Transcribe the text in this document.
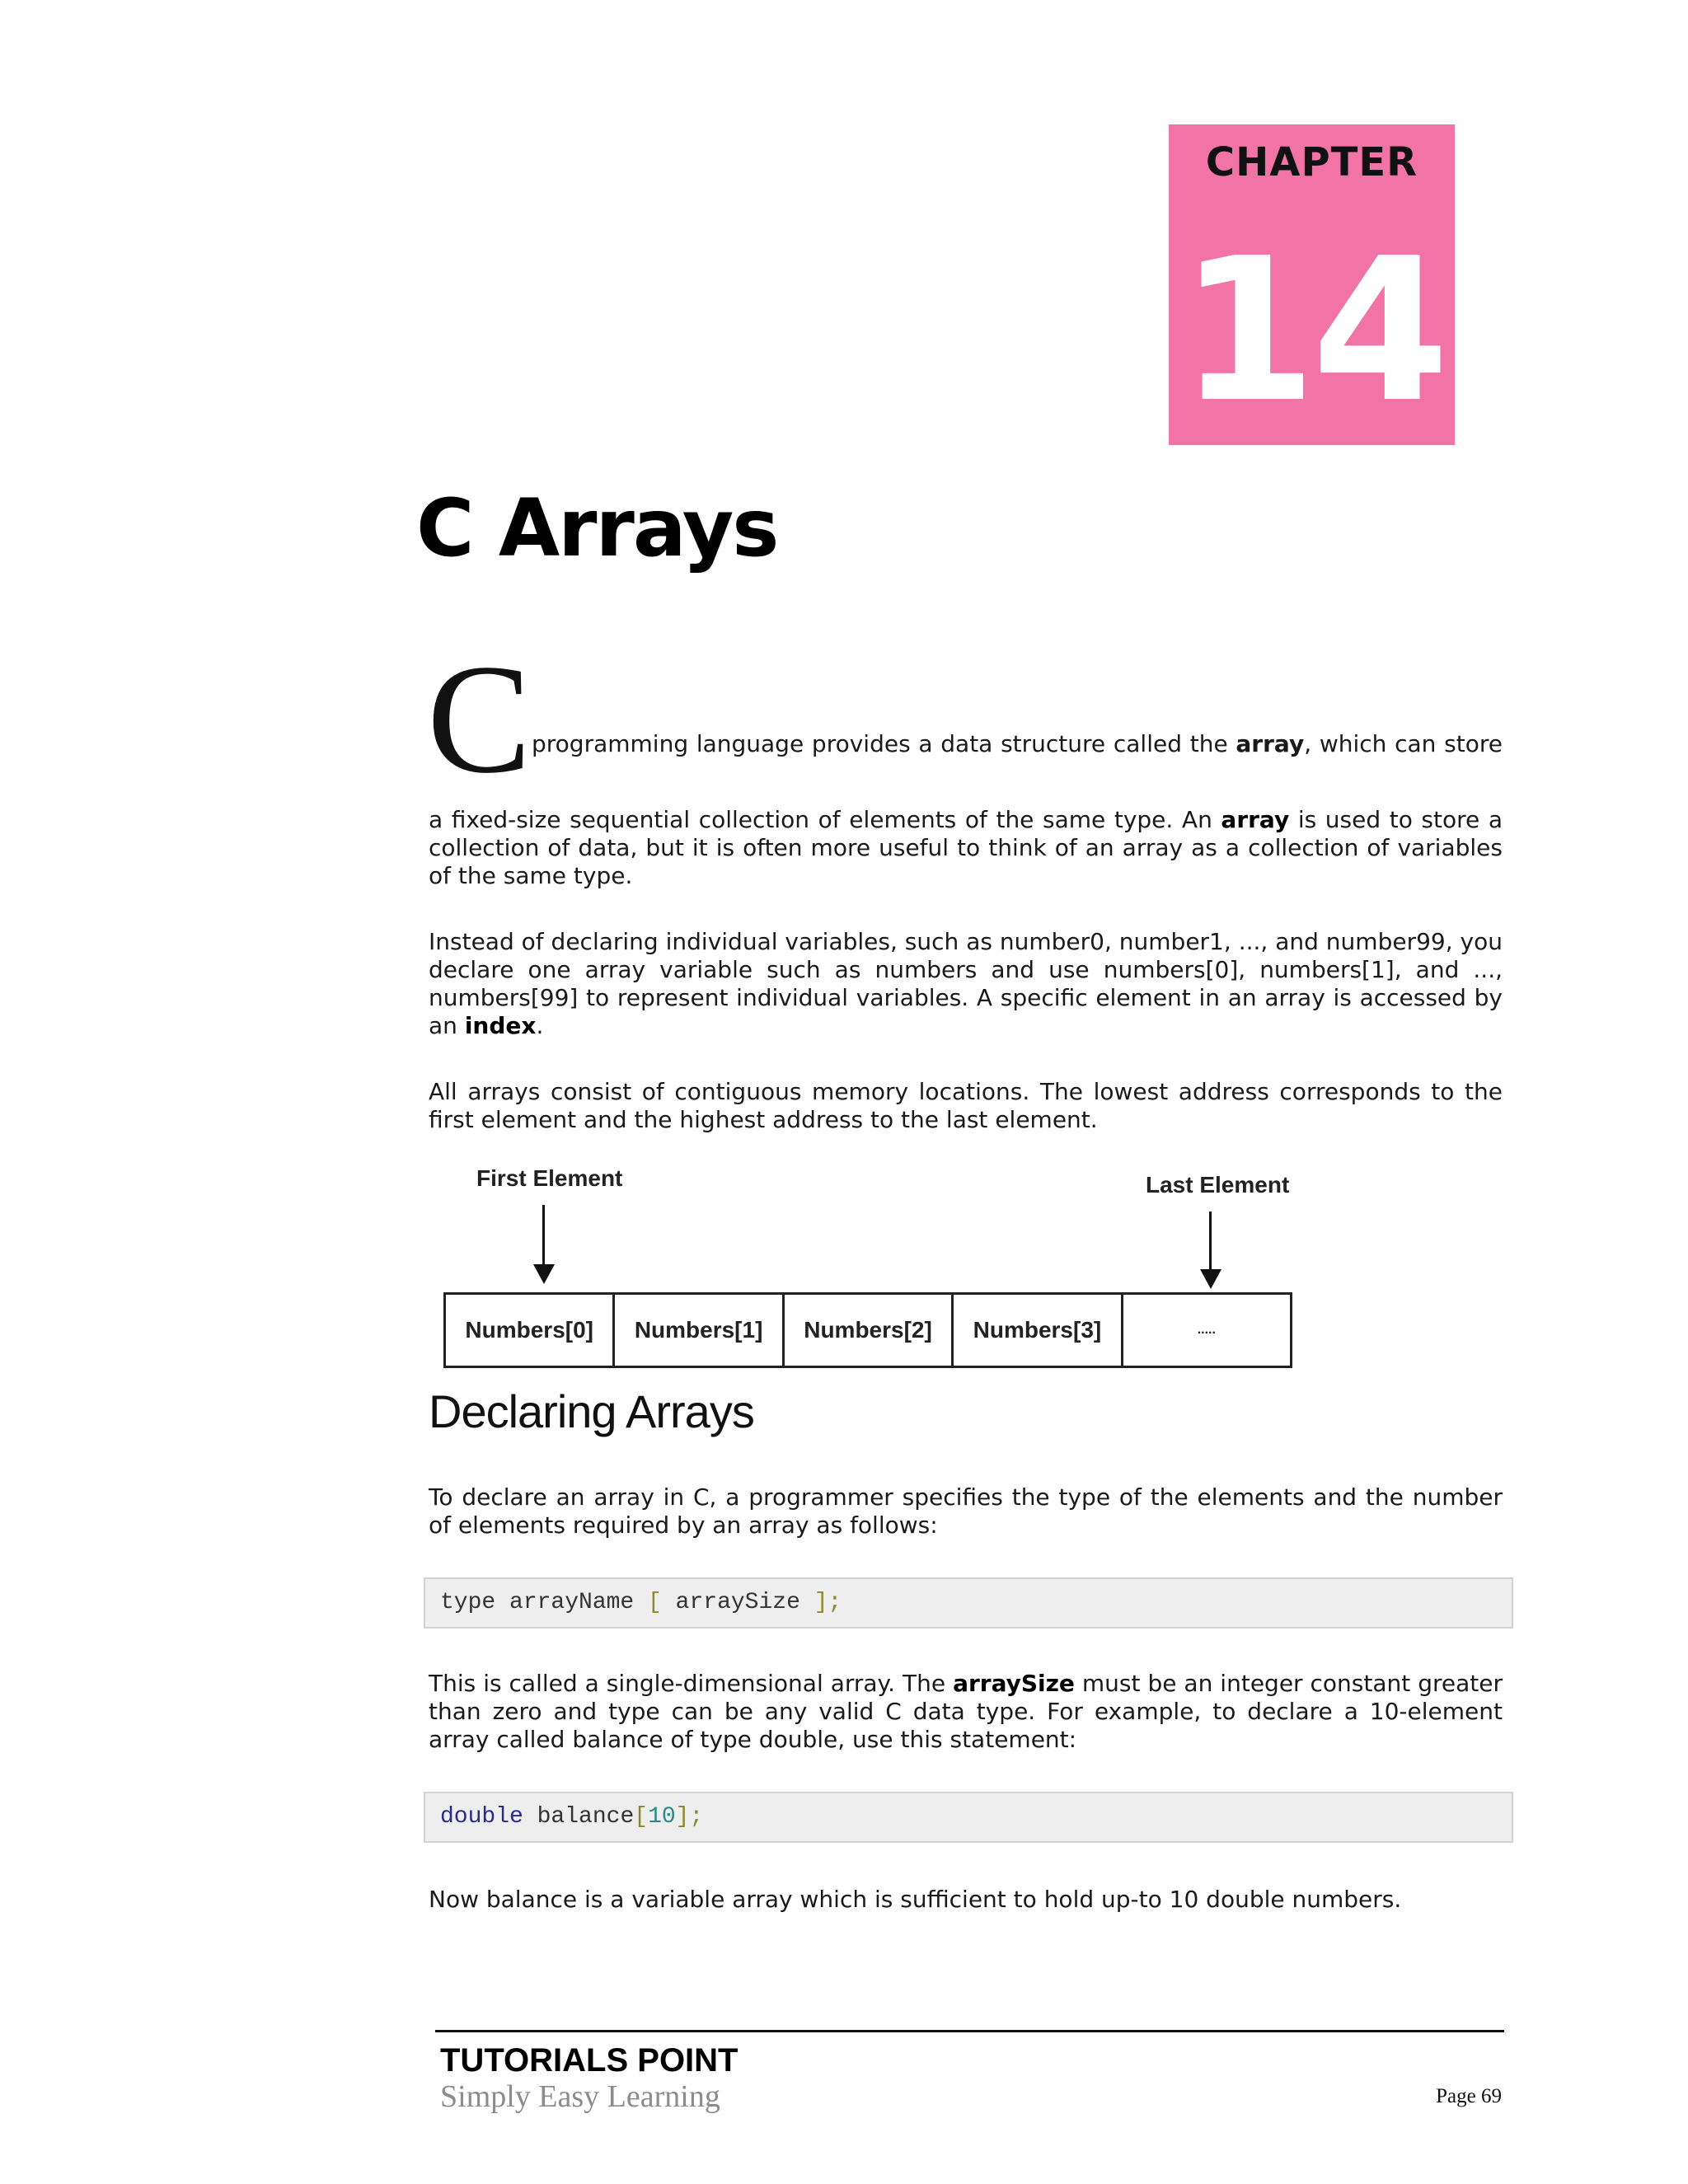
CHAPTER
14
C Arrays
C programming language provides a data structure called the array, which can store
a fixed-size sequential collection of elements of the same type. An array is used to store a collection of data, but it is often more useful to think of an array as a collection of variables of the same type.
Instead of declaring individual variables, such as number0, number1, ..., and number99, you declare one array variable such as numbers and use numbers[0], numbers[1], and ..., numbers[99] to represent individual variables. A specific element in an array is accessed by an index.
All arrays consist of contiguous memory locations. The lowest address corresponds to the first element and the highest address to the last element.
First Element	Last Element
Numbers[0]	Numbers[1]	Numbers[2]	Numbers[3]	.....
Declaring Arrays
To declare an array in C, a programmer specifies the type of the elements and the number of elements required by an array as follows:
type arrayName [ arraySize ];
This is called a single-dimensional array. The arraySize must be an integer constant greater than zero and type can be any valid C data type. For example, to declare a 10-element array called balance of type double, use this statement:
double balance[10];
Now balance is a variable array which is sufficient to hold up-to 10 double numbers.
TUTORIALS POINT
Simply Easy Learning	Page 69
